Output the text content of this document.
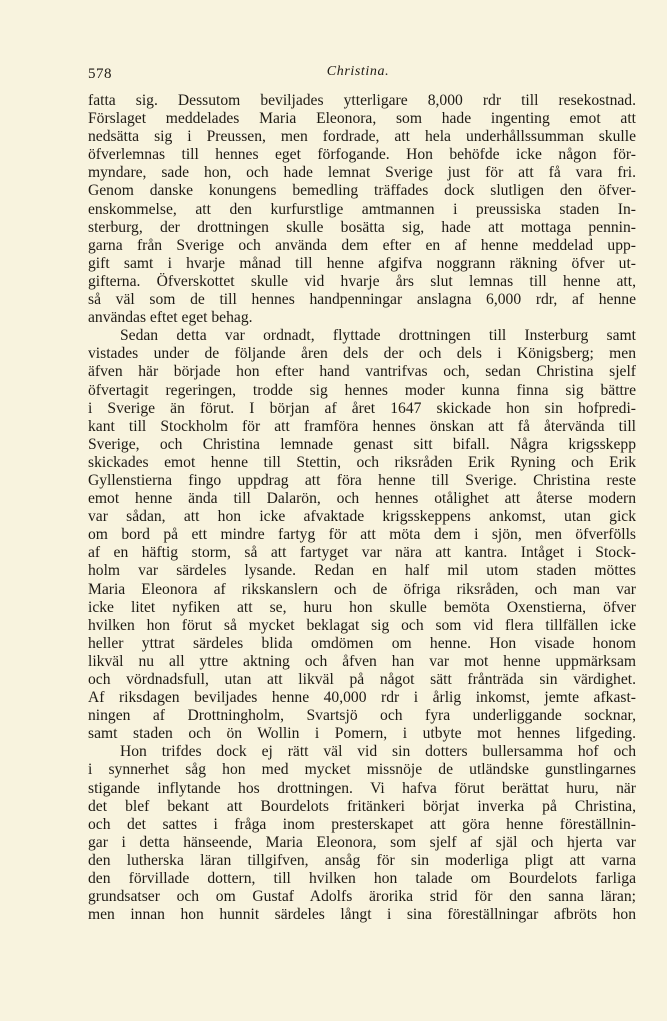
578	Christina.
fatta sig. Dessutom beviljades ytterligare 8,000 rdr till resekostnad.
Förslaget meddelades Maria Eleonora, som hade ingenting emot att
nedsätta sig i Preussen, men fordrade, att hela underhållssumman skulle
öfverlemnas till hennes eget förfogande. Hon behöfde icke någon för-
myndare, sade hon, och hade lemnat Sverige just för att få vara fri.
Genom danske konungens bemedling träffades dock slutligen den öfver-
enskommelse, att den kurfurstlige amtmannen i preussiska staden In-
sterburg, der drottningen skulle bosätta sig, hade att mottaga pennin-
garna från Sverige och använda dem efter en af henne meddelad upp-
gift samt i hvarje månad till henne afgifva noggrann räkning öfver ut-
gifterna. Öfverskottet skulle vid hvarje års slut lemnas till henne att,
så väl som de till hennes handpenningar anslagna 6,000 rdr, af henne
användas eftet eget behag.
Sedan detta var ordnadt, flyttade drottningen till Insterburg samt
vistades under de följande åren dels der och dels i Königsberg; men
äfven här började hon efter hand vantrifvas och, sedan Christina sjelf
öfvertagit regeringen, trodde sig hennes moder kunna finna sig bättre
i Sverige än förut. I början af året 1647 skickade hon sin hofpredi-
kant till Stockholm för att framföra hennes önskan att få återvända till
Sverige, och Christina lemnade genast sitt bifall. Några krigsskepp
skickades emot henne till Stettin, och riksråden Erik Ryning och Erik
Gyllenstierna fingo uppdrag att föra henne till Sverige. Christina reste
emot henne ända till Dalarön, och hennes otålighet att återse modern
var sådan, att hon icke afvaktade krigsskeppens ankomst, utan gick
om bord på ett mindre fartyg för att möta dem i sjön, men öfverfölls
af en häftig storm, så att fartyget var nära att kantra. Intåget i Stock-
holm var särdeles lysande. Redan en half mil utom staden möttes
Maria Eleonora af rikskanslern och de öfriga riksråden, och man var
icke litet nyfiken att se, huru hon skulle bemöta Oxenstierna, öfver
hvilken hon förut så mycket beklagat sig och som vid flera tillfällen icke
heller yttrat särdeles blida omdömen om henne. Hon visade honom
likväl nu all yttre aktning och åfven han var mot henne uppmärksam
och vördnadsfull, utan att likväl på något sätt frånträda sin värdighet.
Af riksdagen beviljades henne 40,000 rdr i årlig inkomst, jemte afkast-
ningen af Drottningholm, Svartsjö och fyra underliggande socknar,
samt staden och ön Wollin i Pomern, i utbyte mot hennes lifgeding.
Hon trifdes dock ej rätt väl vid sin dotters bullersamma hof och
i synnerhet såg hon med mycket missnöje de utländske gunstlingarnes
stigande inflytande hos drottningen. Vi hafva förut berättat huru, när
det blef bekant att Bourdelots fritänkeri börjat inverka på Christina,
och det sattes i fråga inom presterskapet att göra henne föreställnin-
gar i detta hänseende, Maria Eleonora, som sjelf af själ och hjerta var
den lutherska läran tillgifven, ansåg för sin moderliga pligt att varna
den förvillade dottern, till hvilken hon talade om Bourdelots farliga
grundsatser och om Gustaf Adolfs ärorika strid för den sanna läran;
men innan hon hunnit särdeles långt i sina föreställningar afbröts hon
